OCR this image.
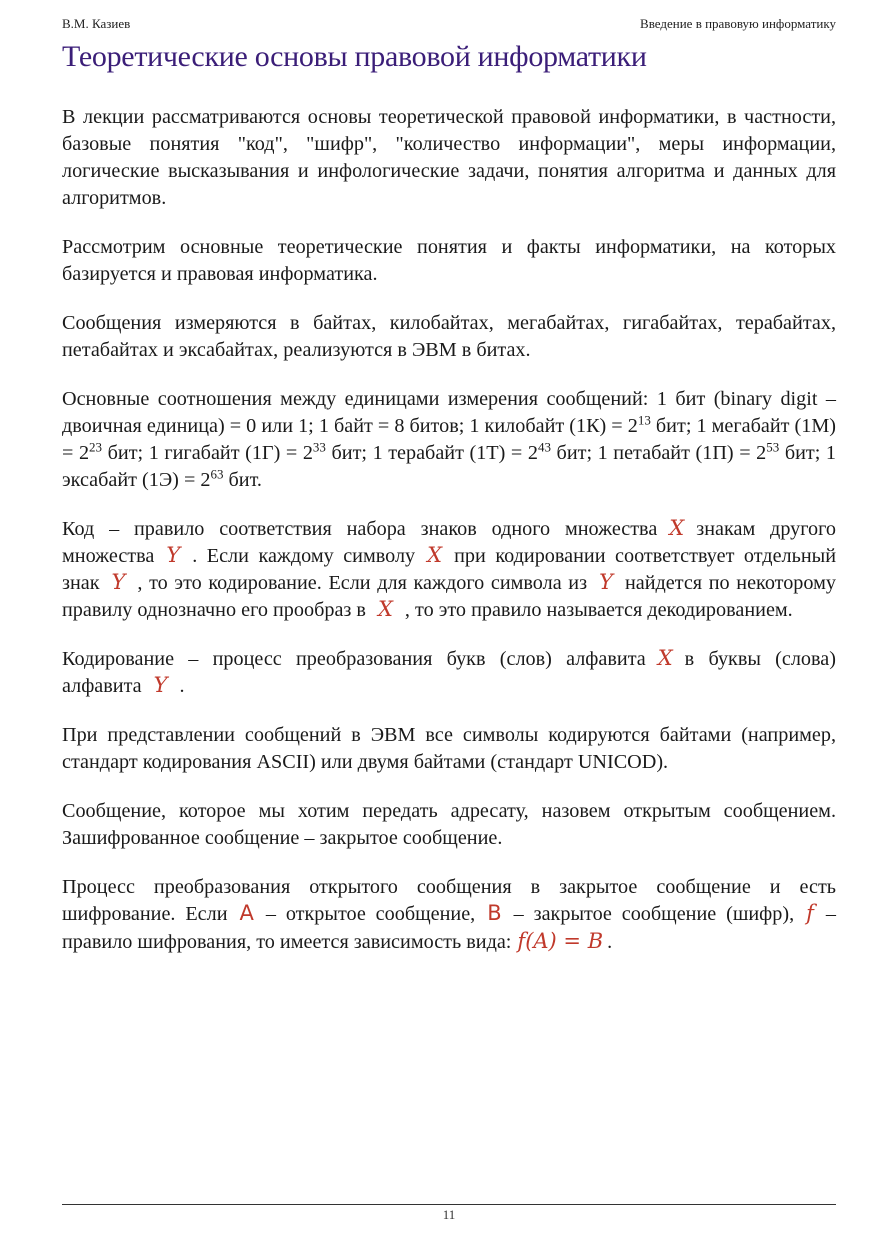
В.М. Казиев	Введение в правовую информатику
Теоретические основы правовой информатики

В лекции рассматриваются основы теоретической правовой информатики, в частности, базовые понятия "код", "шифр", "количество информации", меры информации, логические высказывания и инфологические задачи, понятия алгоритма и данных для алгоритмов.

Рассмотрим основные теоретические понятия и факты информатики, на которых базируется и правовая информатика.

Сообщения измеряются в байтах, килобайтах, мегабайтах, гигабайтах, терабайтах, петабайтах и эксабайтах, реализуются в ЭВМ в битах.

Основные соотношения между единицами измерения сообщений: 1 бит (binary digit – двоичная единица) = 0 или 1; 1 байт = 8 битов; 1 килобайт $(1К) = 2^{13}$ бит; 1 мегабайт $(1М) = 2^{23}$ бит; 1 гигабайт $(1Г) = 2^{33}$ бит; 1 терабайт $(1Т) = 2^{43}$ бит; 1 петабайт $(1П) = 2^{53}$ бит; 1 эксабайт $(1Э) = 2^{63}$ бит.

Код – правило соответствия набора знаков одного множества X знакам другого множества Y . Если каждому символу X при кодировании соответствует отдельный знак Y , то это кодирование. Если для каждого символа из Y найдется по некоторому правилу однозначно его прообраз в X , то это правило называется декодированием.

Кодирование – процесс преобразования букв (слов) алфавита X в буквы (слова) алфавита Y .

При представлении сообщений в ЭВМ все символы кодируются байтами (например, стандарт кодирования ASCII) или двумя байтами (стандарт UNICOD).

Сообщение, которое мы хотим передать адресату, назовем открытым сообщением. Зашифрованное сообщение – закрытое сообщение.

Процесс преобразования открытого сообщения в закрытое сообщение и есть шифрование. Если A – открытое сообщение, B – закрытое сообщение (шифр), f – правило шифрования, то имеется зависимость вида: f(A) = B .

11
